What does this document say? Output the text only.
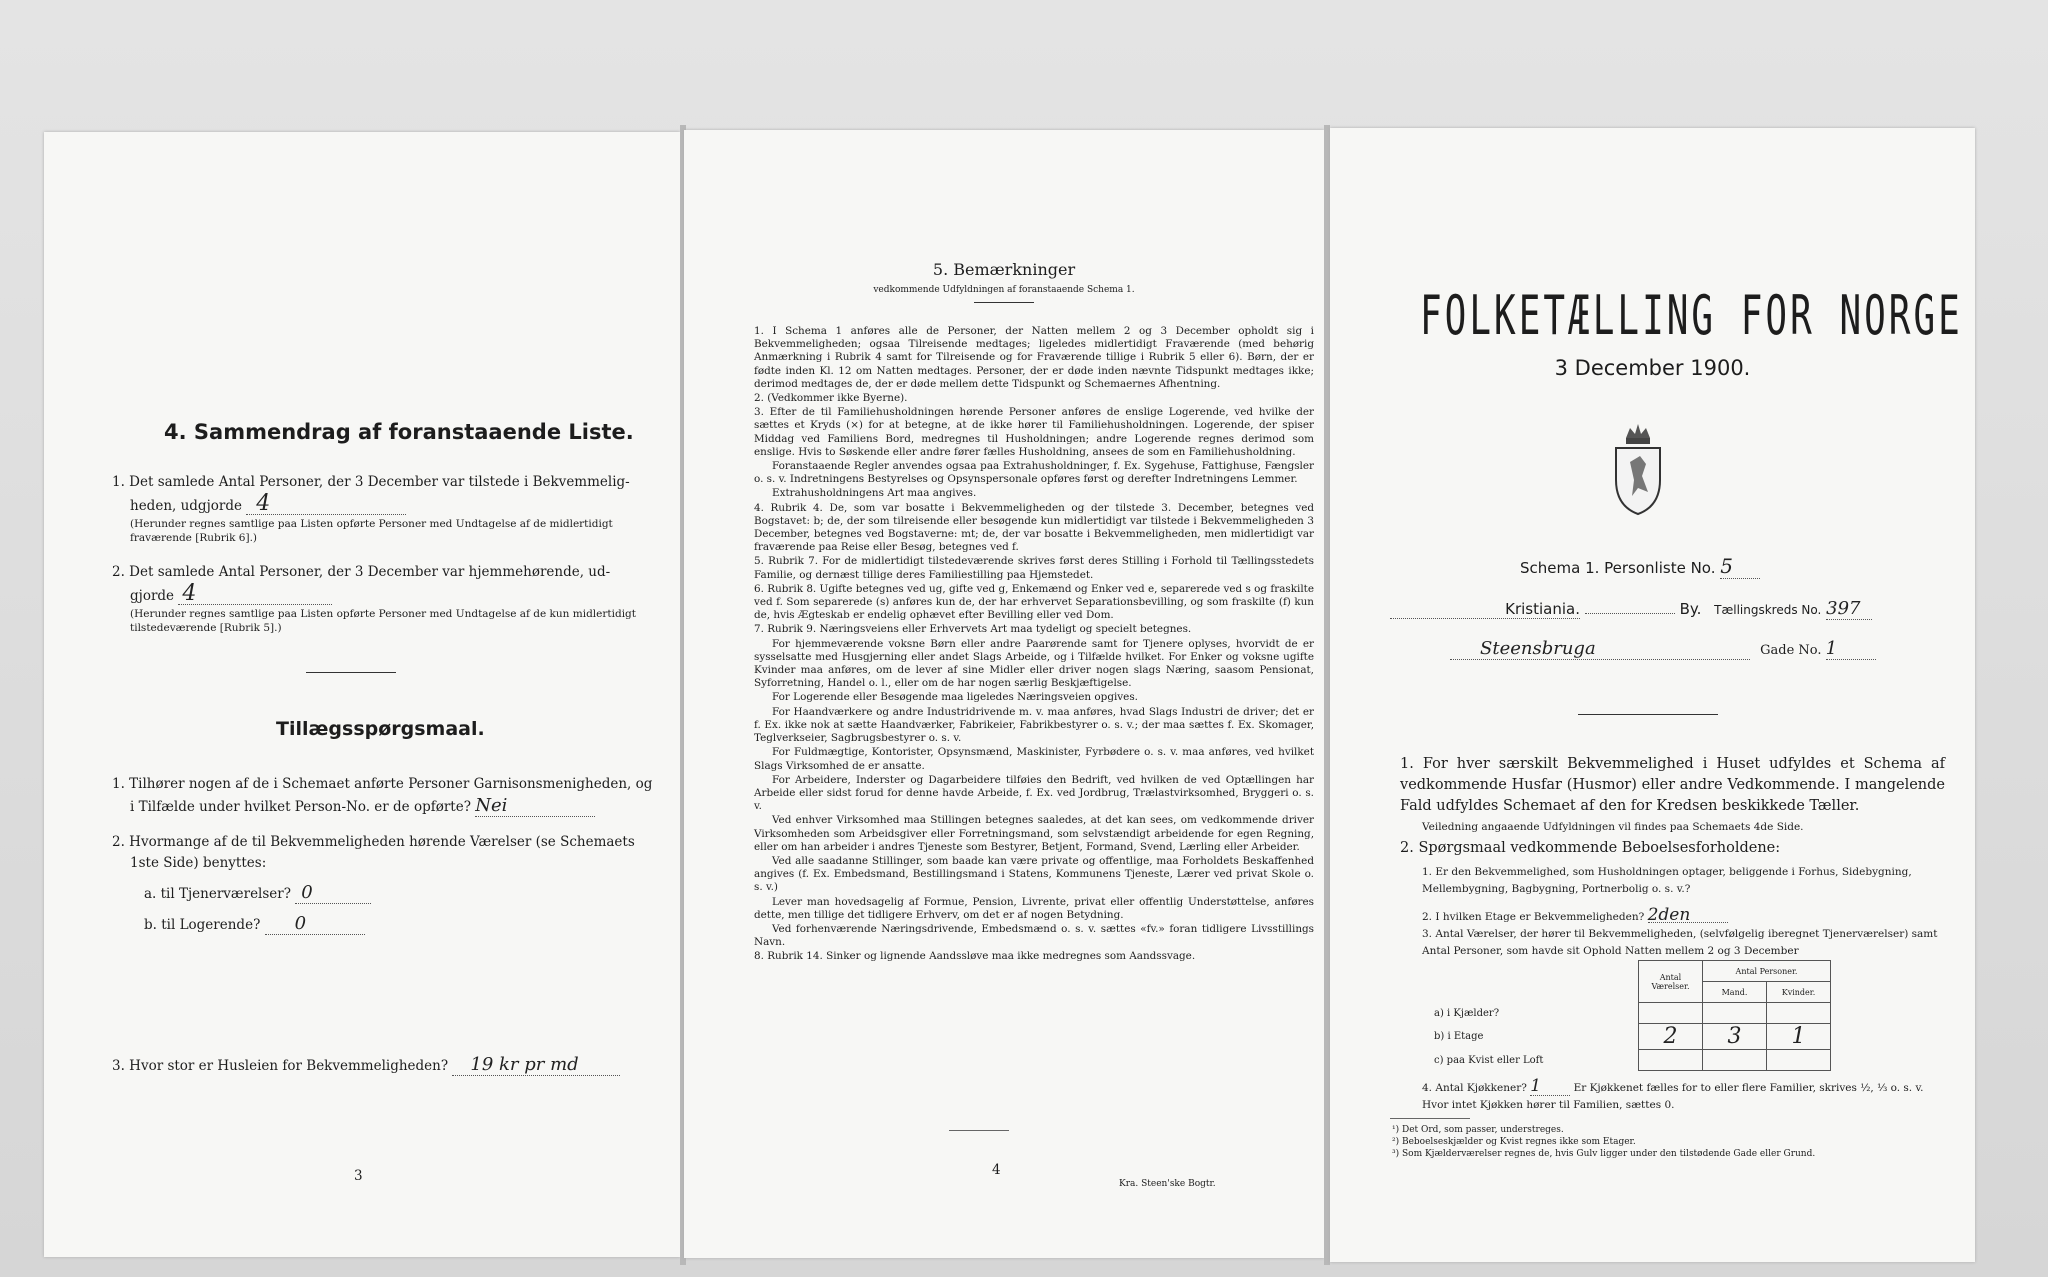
4. Sammendrag af foranstaaende Liste.
1. Det samlede Antal Personer, der 3 December var tilstede i Bekvemmelig-
heden, udgjorde 4
(Herunder regnes samtlige paa Listen opførte Personer med Undtagelse af de midlertidigt fraværende [Rubrik 6].)
2. Det samlede Antal Personer, der 3 December var hjemmehørende, ud-
gjorde 4
(Herunder regnes samtlige paa Listen opførte Personer med Undtagelse af de kun midlertidigt tilstedeværende [Rubrik 5].)
Tillægsspørgsmaal.
1. Tilhører nogen af de i Schemaet anførte Personer Garnisonsmenigheden, og
i Tilfælde under hvilket Person-No. er de opførte? Nei
2. Hvormange af de til Bekvemmeligheden hørende Værelser (se Schemaets
1ste Side) benyttes:
a. til Tjenerværelser? 0
b. til Logerende? 0
3. Hvor stor er Husleien for Bekvemmeligheden? 19 kr pr md
3
5. Bemærkninger
vedkommende Udfyldningen af foranstaaende Schema 1.

1. I Schema 1 anføres alle de Personer, der Natten mellem 2 og 3 December opholdt sig i Bekvemmeligheden; ogsaa Tilreisende medtages; ligeledes midlertidigt Fraværende (med behørig Anmærkning i Rubrik 4 samt for Tilreisende og for Fraværende tillige i Rubrik 5 eller 6). Børn, der er fødte inden Kl. 12 om Natten medtages. Personer, der er døde inden nævnte Tidspunkt medtages ikke; derimod medtages de, der er døde mellem dette Tidspunkt og Schemaernes Afhentning.

2. (Vedkommer ikke Byerne).

3. Efter de til Familiehusholdningen hørende Personer anføres de enslige Logerende, ved hvilke der sættes et Kryds (×) for at betegne, at de ikke hører til Familiehusholdningen. Logerende, der spiser Middag ved Familiens Bord, medregnes til Husholdningen; andre Logerende regnes derimod som enslige. Hvis to Søskende eller andre fører fælles Husholdning, ansees de som en Familiehusholdning.

Foranstaaende Regler anvendes ogsaa paa Extrahusholdninger, f. Ex. Sygehuse, Fattighuse, Fængsler o. s. v. Indretningens Bestyrelses og Opsynspersonale opføres først og derefter Indretningens Lemmer.

Extrahusholdningens Art maa angives.

4. Rubrik 4. De, som var bosatte i Bekvemmeligheden og der tilstede 3. December, betegnes ved Bogstavet: b; de, der som tilreisende eller besøgende kun midlertidigt var tilstede i Bekvemmeligheden 3 December, betegnes ved Bogstaverne: mt; de, der var bosatte i Bekvemmeligheden, men midlertidigt var fraværende paa Reise eller Besøg, betegnes ved f.

5. Rubrik 7. For de midlertidigt tilstedeværende skrives først deres Stilling i Forhold til Tællingsstedets Familie, og dernæst tillige deres Familiestilling paa Hjemstedet.

6. Rubrik 8. Ugifte betegnes ved ug, gifte ved g, Enkemænd og Enker ved e, separerede ved s og fraskilte ved f. Som separerede (s) anføres kun de, der har erhvervet Separationsbevilling, og som fraskilte (f) kun de, hvis Ægteskab er endelig ophævet efter Bevilling eller ved Dom.

7. Rubrik 9. Næringsveiens eller Erhvervets Art maa tydeligt og specielt betegnes.

For hjemmeværende voksne Børn eller andre Paarørende samt for Tjenere oplyses, hvorvidt de er sysselsatte med Husgjerning eller andet Slags Arbeide, og i Tilfælde hvilket. For Enker og voksne ugifte Kvinder maa anføres, om de lever af sine Midler eller driver nogen slags Næring, saasom Pensionat, Syforretning, Handel o. l., eller om de har nogen særlig Beskjæftigelse.

For Logerende eller Besøgende maa ligeledes Næringsveien opgives.

For Haandværkere og andre Industridrivende m. v. maa anføres, hvad Slags Industri de driver; det er f. Ex. ikke nok at sætte Haandværker, Fabrikeier, Fabrikbestyrer o. s. v.; der maa sættes f. Ex. Skomager, Teglverkseier, Sagbrugsbestyrer o. s. v.

For Fuldmægtige, Kontorister, Opsynsmænd, Maskinister, Fyrbødere o. s. v. maa anføres, ved hvilket Slags Virksomhed de er ansatte.

For Arbeidere, Inderster og Dagarbeidere tilføies den Bedrift, ved hvilken de ved Optællingen har Arbeide eller sidst forud for denne havde Arbeide, f. Ex. ved Jordbrug, Trælastvirksomhed, Bryggeri o. s. v.

Ved enhver Virksomhed maa Stillingen betegnes saaledes, at det kan sees, om vedkommende driver Virksomheden som Arbeidsgiver eller Forretningsmand, som selvstændigt arbeidende for egen Regning, eller om han arbeider i andres Tjeneste som Bestyrer, Betjent, Formand, Svend, Lærling eller Arbeider.

Ved alle saadanne Stillinger, som baade kan være private og offentlige, maa Forholdets Beskaffenhed angives (f. Ex. Embedsmand, Bestillingsmand i Statens, Kommunens Tjeneste, Lærer ved privat Skole o. s. v.)

Lever man hovedsagelig af Formue, Pension, Livrente, privat eller offentlig Understøttelse, anføres dette, men tillige det tidligere Erhverv, om det er af nogen Betydning.

Ved forhenværende Næringsdrivende, Embedsmænd o. s. v. sættes «fv.» foran tidligere Livsstillings Navn.

8. Rubrik 14. Sinker og lignende Aandssløve maa ikke medregnes som Aandssvage.

4
Kra. Steen'ske Bogtr.
FOLKETÆLLING FOR NORGE
3 December 1900.
Schema 1. Personliste No. 5
Kristiania.	By. Tællingskreds No. 397
Steensbruga	Gade No. 1
1. For hver særskilt Bekvemmelighed i Huset udfyldes et Schema af vedkommende Husfar (Husmor) eller andre Vedkommende. I mangelende Fald udfyldes Schemaet af den for Kredsen beskikkede Tæller.
Veiledning angaaende Udfyldningen vil findes paa Schemaets 4de Side.
2. Spørgsmaal vedkommende Beboelsesforholdene:
1. Er den Bekvemmelighed, som Husholdningen optager, beliggende i Forhus, Sidebygning, Mellembygning, Bagbygning, Portnerbolig o. s. v.?
2. I hvilken Etage er Bekvemmeligheden? 2den
3. Antal Værelser, der hører til Bekvemmeligheden, (selvfølgelig iberegnet Tjenerværelser) samt Antal Personer, som havde sit Ophold Natten mellem 2 og 3 December
	Antal Værelser.	Antal Personer.	
		Mand.	Kvinder.
a) i Kjælder?			
b) i Etage	2	3	1
c) paa Kvist eller Loft			
4. Antal Kjøkkener? 1	Er Kjøkkenet fælles for to eller flere Familier, skrives ½, ⅓ o. s. v. Hvor intet Kjøkken hører til Familien, sættes 0.
¹) Det Ord, som passer, understreges.
²) Beboelseskjælder og Kvist regnes ikke som Etager.
³) Som Kjælderværelser regnes de, hvis Gulv ligger under den tilstødende Gade eller Grund.
